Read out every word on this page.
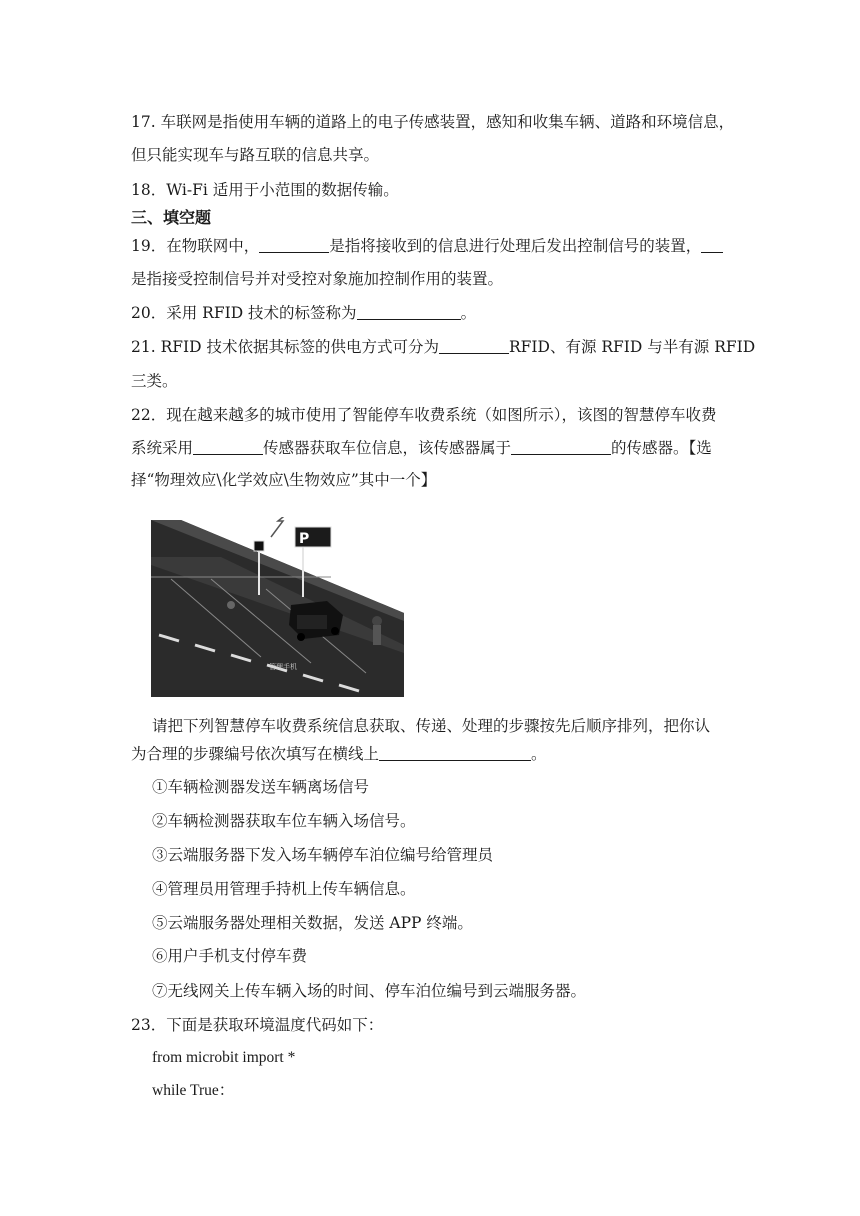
17. 车联网是指使用车辆的道路上的电子传感装置，感知和收集车辆、道路和环境信息，
但只能实现车与路互联的信息共享。
18．Wi-Fi 适用于小范围的数据传输。
三、填空题
19．在物联网中，	是指将接收到的信息进行处理后发出控制信号的装置，
是指接受控制信号并对受控对象施加控制作用的装置。
20．采用 RFID 技术的标签称为	。
21. RFID 技术依据其标签的供电方式可分为	RFID、有源 RFID 与半有源 RFID
三类。
22．现在越来越多的城市使用了智能停车收费系统（如图所示），该图的智慧停车收费
系统采用	传感器获取车位信息，该传感器属于	的传感器。【选
择“物理效应\化学效应\生物效应”其中一个】
P
管理手机
请把下列智慧停车收费系统信息获取、传递、处理的步骤按先后顺序排列，把你认
为合理的步骤编号依次填写在横线上	。
①车辆检测器发送车辆离场信号
②车辆检测器获取车位车辆入场信号。
③云端服务器下发入场车辆停车泊位编号给管理员
④管理员用管理手持机上传车辆信息。
⑤云端服务器处理相关数据，发送 APP 终端。
⑥用户手机支付停车费
⑦无线网关上传车辆入场的时间、停车泊位编号到云端服务器。
23．下面是获取环境温度代码如下：
from microbit import *
while True：
